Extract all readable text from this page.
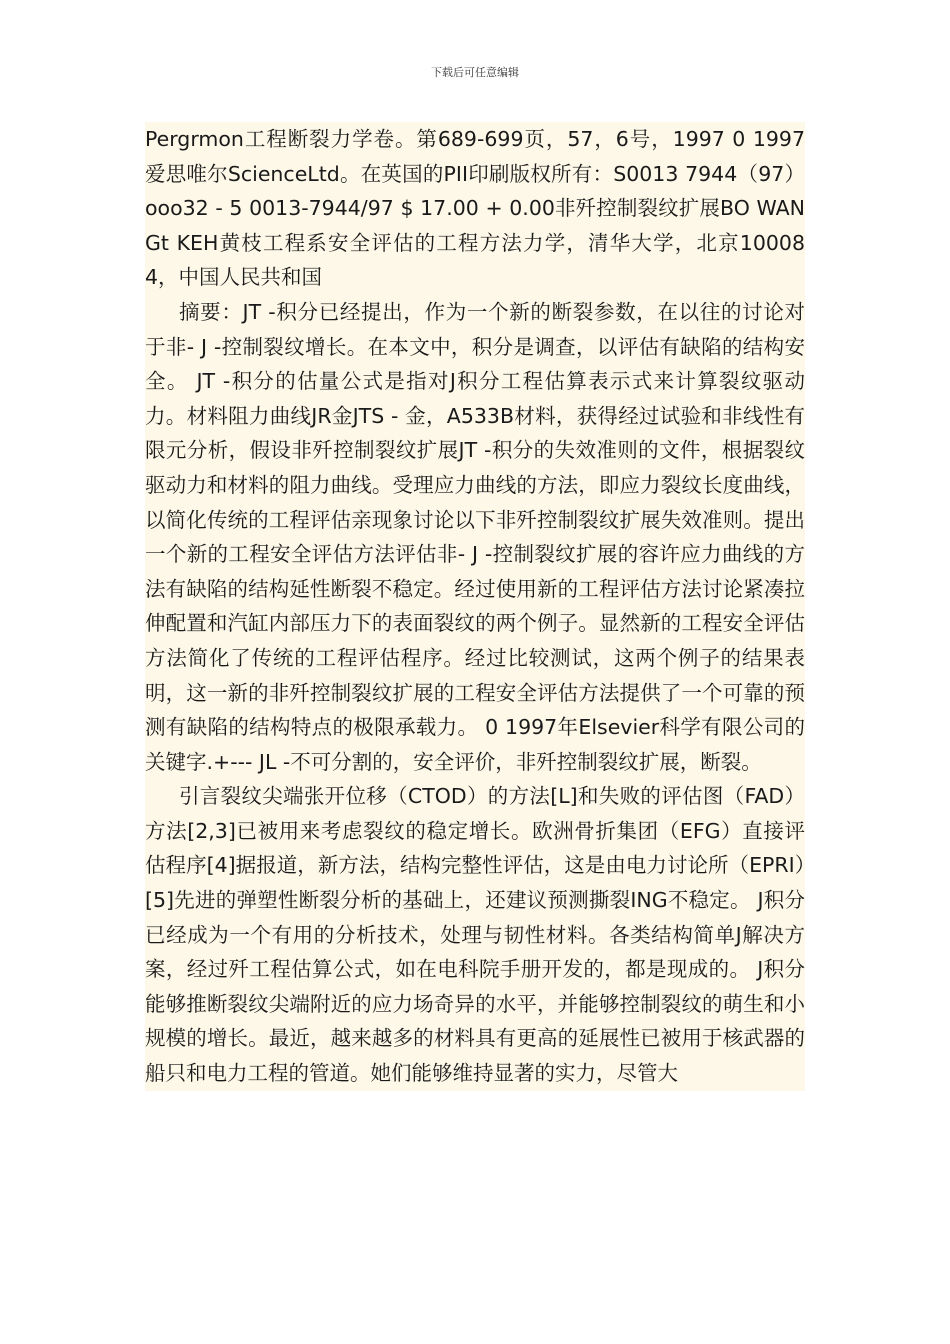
下载后可任意编辑

Pergrmon工程断裂力学卷。第689-699页，57，6号，1997 0 1997爱思唯尔ScienceLtd。在英国的PII印刷版权所有：S0013 7944（97）ooo32 - 5 0013-7944/97 $ 17.00 + 0.00非歼控制裂纹扩展BO WANGt KEH黄枝工程系安全评估的工程方法力学，清华大学，北京100084，中国人民共和国

摘要：JT -积分已经提出，作为一个新的断裂参数，在以往的讨论对于非- J -控制裂纹增长。在本文中，积分是调查，以评估有缺陷的结构安全。 JT -积分的估量公式是指对J积分工程估算表示式来计算裂纹驱动力。材料阻力曲线JR金JTS - 金，A533B材料，获得经过试验和非线性有限元分析，假设非歼控制裂纹扩展JT -积分的失效准则的文件，根据裂纹驱动力和材料的阻力曲线。受理应力曲线的方法，即应力裂纹长度曲线，以简化传统的工程评估亲现象讨论以下非歼控制裂纹扩展失效准则。提出一个新的工程安全评估方法评估非- J -控制裂纹扩展的容许应力曲线的方法有缺陷的结构延性断裂不稳定。经过使用新的工程评估方法讨论紧凑拉伸配置和汽缸内部压力下的表面裂纹的两个例子。显然新的工程安全评估方法简化了传统的工程评估程序。经过比较测试，这两个例子的结果表明，这一新的非歼控制裂纹扩展的工程安全评估方法提供了一个可靠的预测有缺陷的结构特点的极限承载力。 0 1997年Elsevier科学有限公司的关键字.+--- JL -不可分割的，安全评价，非歼控制裂纹扩展，断裂。

引言裂纹尖端张开位移（CTOD）的方法[L]和失败的评估图（FAD）方法[2,3]已被用来考虑裂纹的稳定增长。欧洲骨折集团（EFG）直接评估程序[4]据报道，新方法，结构完整性评估，这是由电力讨论所（EPRI）[5]先进的弹塑性断裂分析的基础上，还建议预测撕裂ING不稳定。 J积分已经成为一个有用的分析技术，处理与韧性材料。各类结构简单J解决方案，经过歼工程估算公式，如在电科院手册开发的，都是现成的。 J积分能够推断裂纹尖端附近的应力场奇异的水平，并能够控制裂纹的萌生和小规模的增长。最近，越来越多的材料具有更高的延展性已被用于核武器的船只和电力工程的管道。她们能够维持显著的实力，尽管大
